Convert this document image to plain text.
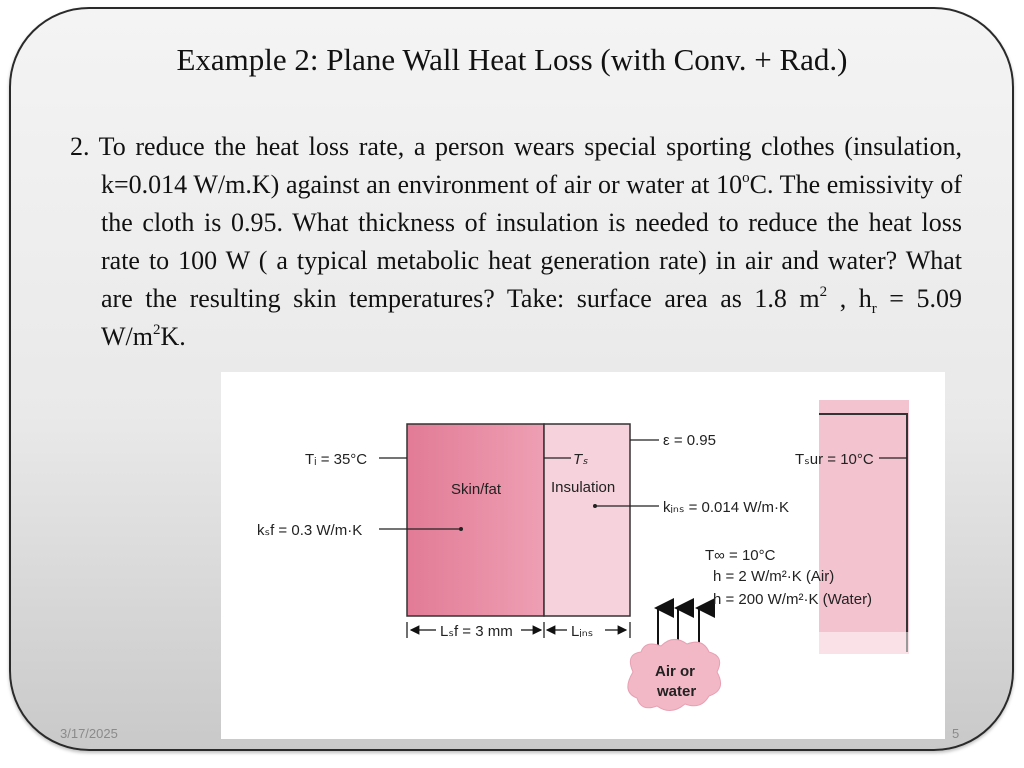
Example 2: Plane Wall Heat Loss (with Conv. + Rad.)

2. To reduce the heat loss rate, a person wears special sporting clothes (insulation, k=0.014 W/m.K) against an environment of air or water at 10$^o$C. The emissivity of the cloth is 0.95. What thickness of insulation is needed to reduce the heat loss rate to 100 W ( a typical metabolic heat generation rate) in air and water? What are the resulting skin temperatures? Take: surface area as 1.8 $m^2$ , $h_r = 5.09$ $W/m^2K$.

Tᵢ = 35°C
kₛf = 0.3 W/m·K
Skin/fat
Tₛ
Insulation
ε = 0.95
kᵢₙₛ = 0.014 W/m·K
Tₛur = 10°C
T∞ = 10°C
h = 2 W/m²·K (Air)
h = 200 W/m²·K (Water)
Lₛf = 3 mm	Lᵢₙₛ
Air or
water
3/17/2025	5
